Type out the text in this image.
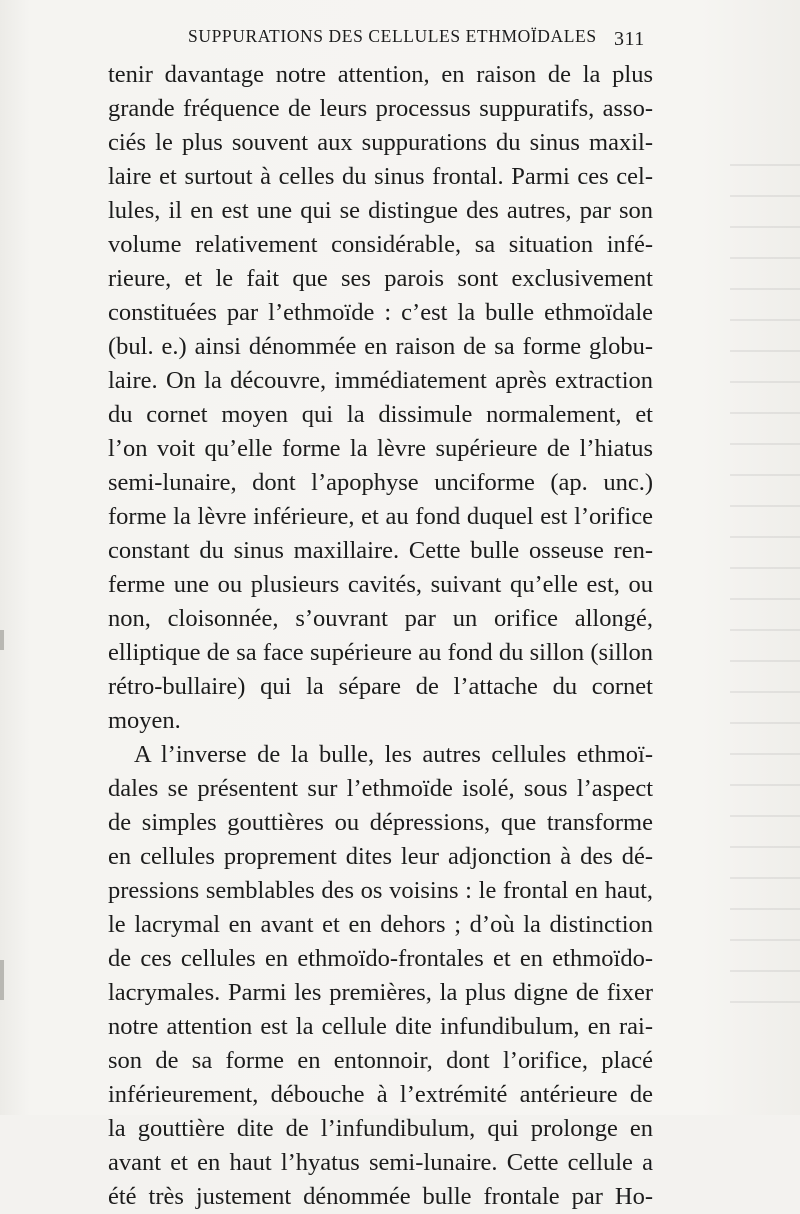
SUPPURATIONS DES CELLULES ETHMOÏDALES 311
tenir davantage notre attention, en raison de la plus
grande fréquence de leurs processus suppuratifs, asso-
ciés le plus souvent aux suppurations du sinus maxil-
laire et surtout à celles du sinus frontal. Parmi ces cel-
lules, il en est une qui se distingue des autres, par son
volume relativement considérable, sa situation infé-
rieure, et le fait que ses parois sont exclusivement
constituées par l’ethmoïde : c’est la bulle ethmoïdale
(bul. e.) ainsi dénommée en raison de sa forme globu-
laire. On la découvre, immédiatement après extraction
du cornet moyen qui la dissimule normalement, et
l’on voit qu’elle forme la lèvre supérieure de l’hiatus
semi-lunaire, dont l’apophyse unciforme (ap. unc.)
forme la lèvre inférieure, et au fond duquel est l’orifice
constant du sinus maxillaire. Cette bulle osseuse ren-
ferme une ou plusieurs cavités, suivant qu’elle est, ou
non, cloisonnée, s’ouvrant par un orifice allongé,
elliptique de sa face supérieure au fond du sillon (sillon
rétro-bullaire) qui la sépare de l’attache du cornet
moyen.
A l’inverse de la bulle, les autres cellules ethmoï-
dales se présentent sur l’ethmoïde isolé, sous l’aspect
de simples gouttières ou dépressions, que transforme
en cellules proprement dites leur adjonction à des dé-
pressions semblables des os voisins : le frontal en haut,
le lacrymal en avant et en dehors ; d’où la distinction
de ces cellules en ethmoïdo-frontales et en ethmoïdo-
lacrymales. Parmi les premières, la plus digne de fixer
notre attention est la cellule dite infundibulum, en rai-
son de sa forme en entonnoir, dont l’orifice, placé
inférieurement, débouche à l’extrémité antérieure de
la gouttière dite de l’infundibulum, qui prolonge en
avant et en haut l’hyatus semi-lunaire. Cette cellule a
été très justement dénommée bulle frontale par Ho-
